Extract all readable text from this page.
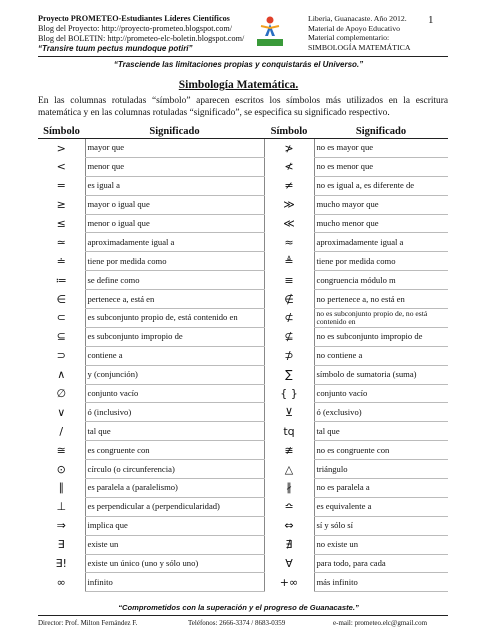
Proyecto PROMETEO-Estudiantes Líderes Científicos
Blog del Proyecto: http://proyecto-prometeo.blogspot.com/
Blog del BOLETIN: http://prometeo-elc-boletin.blogspot.com/
“Transire tuum pectus mundoque potiri”
Liberia, Guanacaste. Año 2012.
Material de Apoyo Educativo
Material complementario:
SIMBOLOGÍA MATEMÁTICA
1
“Trasciende las limitaciones propias y conquistarás el Universo.”
Simbología Matemática.
En las columnas rotuladas “símbolo” aparecen escritos los símbolos más utilizados en la escritura matemática y en las columnas rotuladas “significado”, se especifica su significado respectivo.
Símbolo	Significado	Símbolo	Significado
>	mayor que	≯	no es mayor que
<	menor que	≮	no es menor que
=	es igual a	≠	no es igual a, es diferente de
≥	mayor o igual que	≫	mucho mayor que
≤	menor o igual que	≪	mucho menor que
≃	aproximadamente igual a	≈	aproximadamente igual a
≐	tiene por medida como	≜	tiene por medida como
≔	se define como	≡	congruencia módulo m
∈	pertenece a, está en	∉	no pertenece a, no está en
⊂	es subconjunto propio de, está contenido en	⊄	no es subconjunto propio de, no está contenido en
⊆	es subconjunto impropio de	⊈	no es subconjunto impropio de
⊃	contiene a	⊅	no contiene a
∧	y (conjunción)	∑	símbolo de sumatoria (suma)
∅	conjunto vacío	{ }	conjunto vacío
∨	ó (inclusivo)	⊻	ó (exclusivo)
/	tal que	tq	tal que
≅	es congruente con	≇	no es congruente con
⊙	círculo (o circunferencia)	△	triángulo
∥	es paralela a (paralelismo)	∦	no es paralela a
⊥	es perpendicular a (perpendicularidad)	≏	es equivalente a
⇒	implica que	⇔	sí y sólo sí
∃	existe un	∄	no existe un
∃!	existe un único (uno y sólo uno)	∀	para todo, para cada
∞	infinito	+∞	más infinito
“Comprometidos con la superación y el progreso de Guanacaste.”
Director: Prof. Milton Fernández F.	Teléfonos: 2666-3374 / 8683-0359	e-mail: prometeo.elc@gmail.com
